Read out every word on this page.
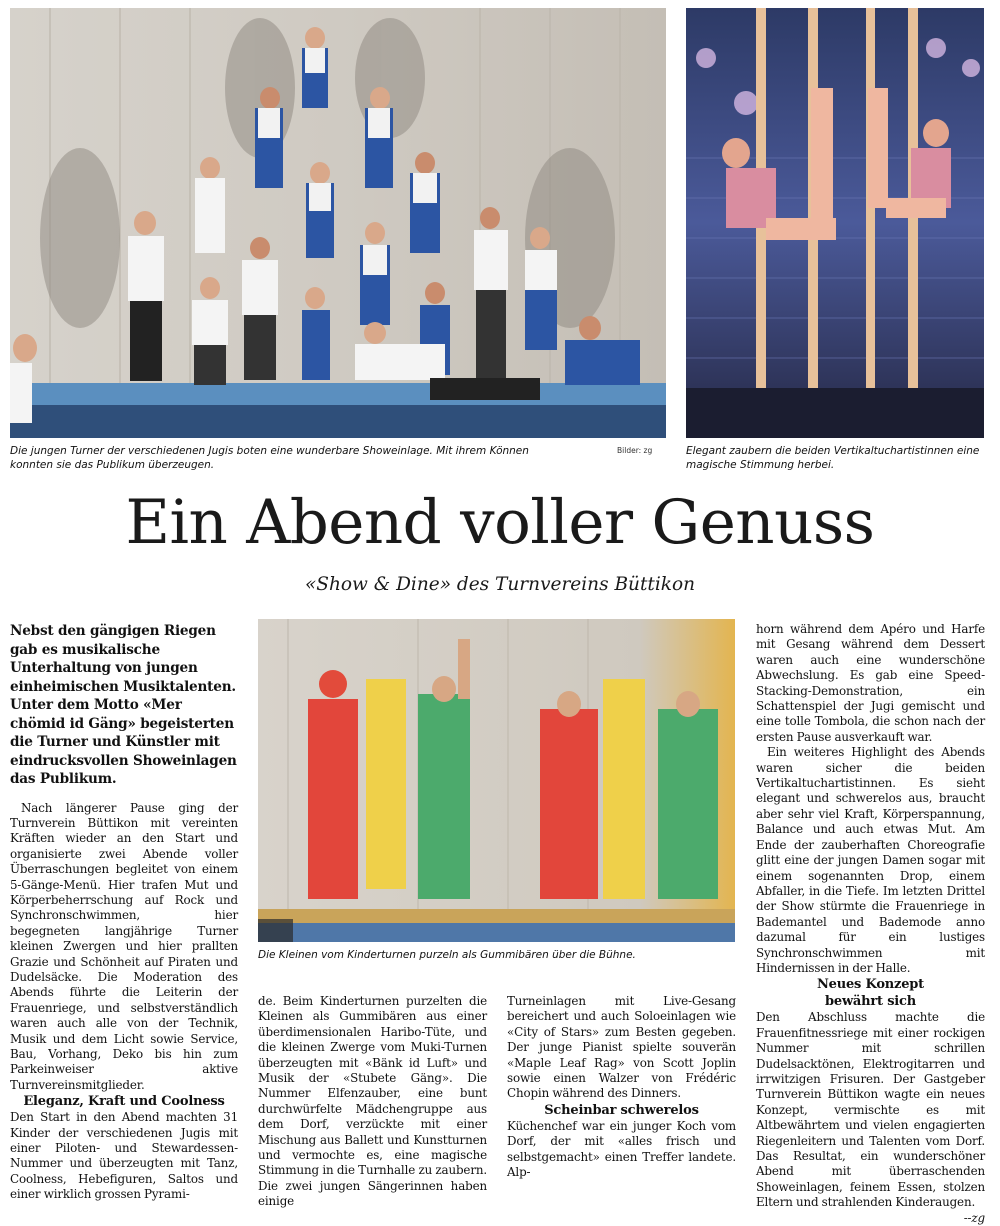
Die jungen Turner der verschiedenen Jugis boten eine wunderbare Showeinlage. Mit ihrem Können konnten sie das Publikum überzeugen.
Bilder: zg	Elegant zaubern die beiden Vertikaltuchartistinnen eine magische Stimmung herbei.
Ein Abend voller Genuss
«Show & Dine» des Turnvereins Büttikon

Nebst den gängigen Riegen gab es musikalische Unterhaltung von jungen einheimischen Musiktalenten. Unter dem Motto «Mer chömid id Gäng» begeisterten die Turner und Künstler mit eindrucksvollen Showeinlagen das Publikum.

Nach längerer Pause ging der Turnverein Büttikon mit vereinten Kräften wieder an den Start und organisierte zwei Abende voller Überraschungen begleitet von einem 5-Gänge-Menü. Hier trafen Mut und Körperbeherrschung auf Rock und Synchronschwimmen, hier begegneten langjährige Turner kleinen Zwergen und hier prallten Grazie und Schönheit auf Piraten und Dudelsäcke. Die Moderation des Abends führte die Leiterin der Frauenriege, und selbstverständlich waren auch alle von der Technik, Musik und dem Licht sowie Service, Bau, Vorhang, Deko bis hin zum Parkeinweiser aktive Turnvereinsmitglieder.

Eleganz, Kraft und Coolness

Den Start in den Abend machten 31 Kinder der verschiedenen Jugis mit einer Piloten- und Stewardessen-Nummer und überzeugten mit Tanz, Coolness, Hebefiguren, Saltos und einer wirklich grossen Pyrami-

Die Kleinen vom Kinderturnen purzeln als Gummibären über die Bühne.

de. Beim Kinderturnen purzelten die Kleinen als Gummibären aus einer überdimensionalen Haribo-Tüte, und die kleinen Zwerge vom Muki-Turnen überzeugten mit «Bänk id Luft» und Musik der «Stubete Gäng». Die Nummer Elfenzauber, eine bunt durchwürfelte Mädchengruppe aus dem Dorf, verzückte mit einer Mischung aus Ballett und Kunstturnen und vermochte es, eine magische Stimmung in die Turnhalle zu zaubern. Die zwei jungen Sängerinnen haben einige

Turneinlagen mit Live-Gesang bereichert und auch Soloeinlagen wie «City of Stars» zum Besten gegeben. Der junge Pianist spielte souverän «Maple Leaf Rag» von Scott Joplin sowie einen Walzer von Frédéric Chopin während des Dinners.

Scheinbar schwerelos

Küchenchef war ein junger Koch vom Dorf, der mit «alles frisch und selbstgemacht» einen Treffer landete. Alp-

horn während dem Apéro und Harfe mit Gesang während dem Dessert waren auch eine wunderschöne Abwechslung. Es gab eine Speed-Stacking-Demonstration, ein Schattenspiel der Jugi gemischt und eine tolle Tombola, die schon nach der ersten Pause ausverkauft war.

Ein weiteres Highlight des Abends waren sicher die beiden Vertikaltuchartistinnen. Es sieht elegant und schwerelos aus, braucht aber sehr viel Kraft, Körperspannung, Balance und auch etwas Mut. Am Ende der zauberhaften Choreografie glitt eine der jungen Damen sogar mit einem sogenannten Drop, einem Abfaller, in die Tiefe. Im letzten Drittel der Show stürmte die Frauenriege in Bademantel und Bademode anno dazumal für ein lustiges Synchronschwimmen mit Hindernissen in der Halle.

Neues Konzept bewährt sich

Den Abschluss machte die Frauenfitnessriege mit einer rockigen Nummer mit schrillen Dudelsacktönen, Elektrogitarren und irrwitzigen Frisuren. Der Gastgeber Turnverein Büttikon wagte ein neues Konzept, vermischte es mit Altbewährtem und vielen engagierten Riegenleitern und Talenten vom Dorf. Das Resultat, ein wunderschöner Abend mit überraschenden Showeinlagen, feinem Essen, stolzen Eltern und strahlenden Kinderaugen.
--zg
